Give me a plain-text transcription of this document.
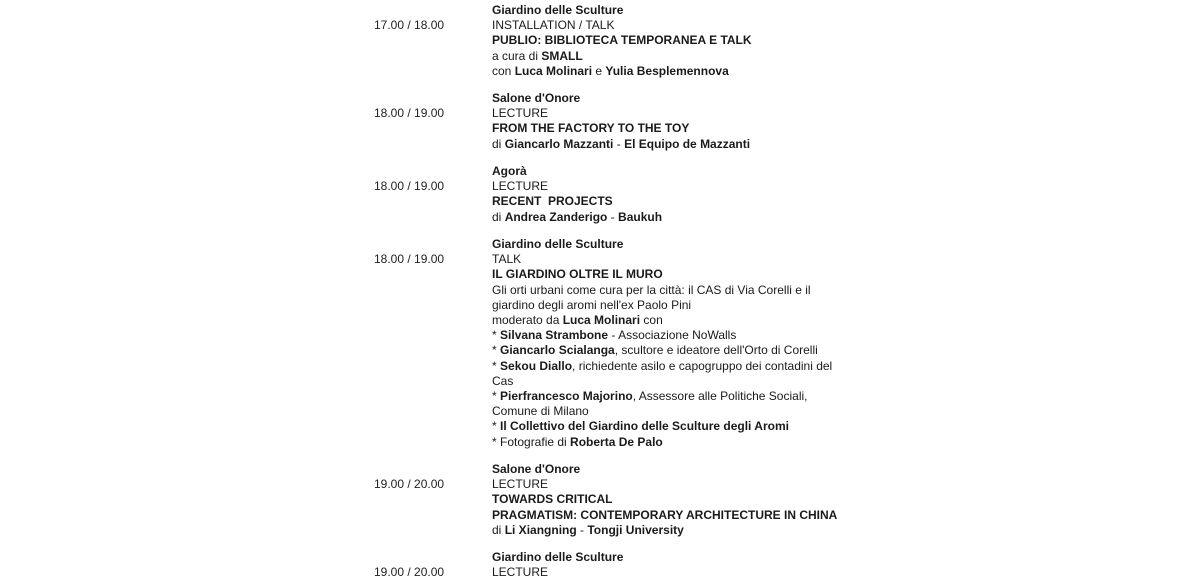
17.00 / 18.00
Giardino delle Sculture
INSTALLATION / TALK
PUBLIO: BIBLIOTECA TEMPORANEA E TALK
a cura di SMALL
con Luca Molinari e Yulia Besplemennova
18.00 / 19.00
Salone d'Onore
LECTURE
FROM THE FACTORY TO THE TOY
di Giancarlo Mazzanti - El Equipo de Mazzanti
18.00 / 19.00
Agorà
LECTURE
RECENT  PROJECTS
di Andrea Zanderigo - Baukuh
18.00 / 19.00
Giardino delle Sculture
TALK
IL GIARDINO OLTRE IL MURO
Gli orti urbani come cura per la città: il CAS di Via Corelli e il giardino degli aromi nell'ex Paolo Pini
moderato da Luca Molinari con
* Silvana Strambone - Associazione NoWalls
* Giancarlo Scialanga, scultore e ideatore dell'Orto di Corelli
* Sekou Diallo, richiedente asilo e capogruppo dei contadini del Cas
* Pierfrancesco Majorino, Assessore alle Politiche Sociali, Comune di Milano
* Il Collettivo del Giardino delle Sculture degli Aromi
* Fotografie di Roberta De Palo
19.00 / 20.00
Salone d'Onore
LECTURE
TOWARDS CRITICAL
PRAGMATISM: CONTEMPORARY ARCHITECTURE IN CHINA
di Li Xiangning - Tongji University
19.00 / 20.00
Giardino delle Sculture
LECTURE
